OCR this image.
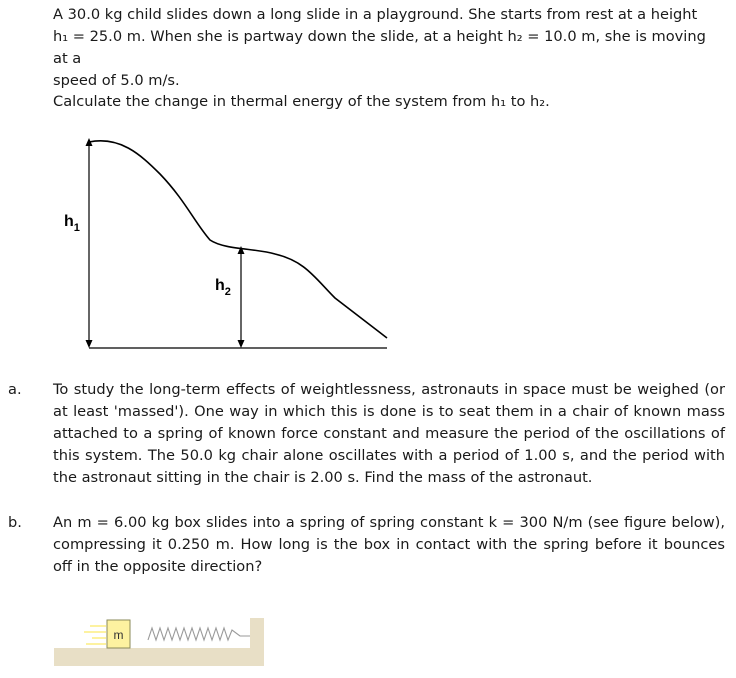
A 30.0 kg child slides down a long slide in a playground. She starts from rest at a height
h₁ = 25.0 m. When she is partway down the slide, at a height h₂ = 10.0 m, she is moving at a
speed of 5.0 m/s.

Calculate the change in thermal energy of the system from h₁ to h₂.

$h_1$
$h_2$
a. To study the long-term effects of weightlessness, astronauts in space must be weighed (or at least 'massed'). One way in which this is done is to seat them in a chair of known mass attached to a spring of known force constant and measure the period of the oscillations of this system. The 50.0 kg chair alone oscillates with a period of 1.00 s, and the period with the astronaut sitting in the chair is 2.00 s. Find the mass of the astronaut.

b. An m = 6.00 kg box slides into a spring of spring constant k = 300 N/m (see figure below), compressing it 0.250 m. How long is the box in contact with the spring before it bounces off in the opposite direction?

m
